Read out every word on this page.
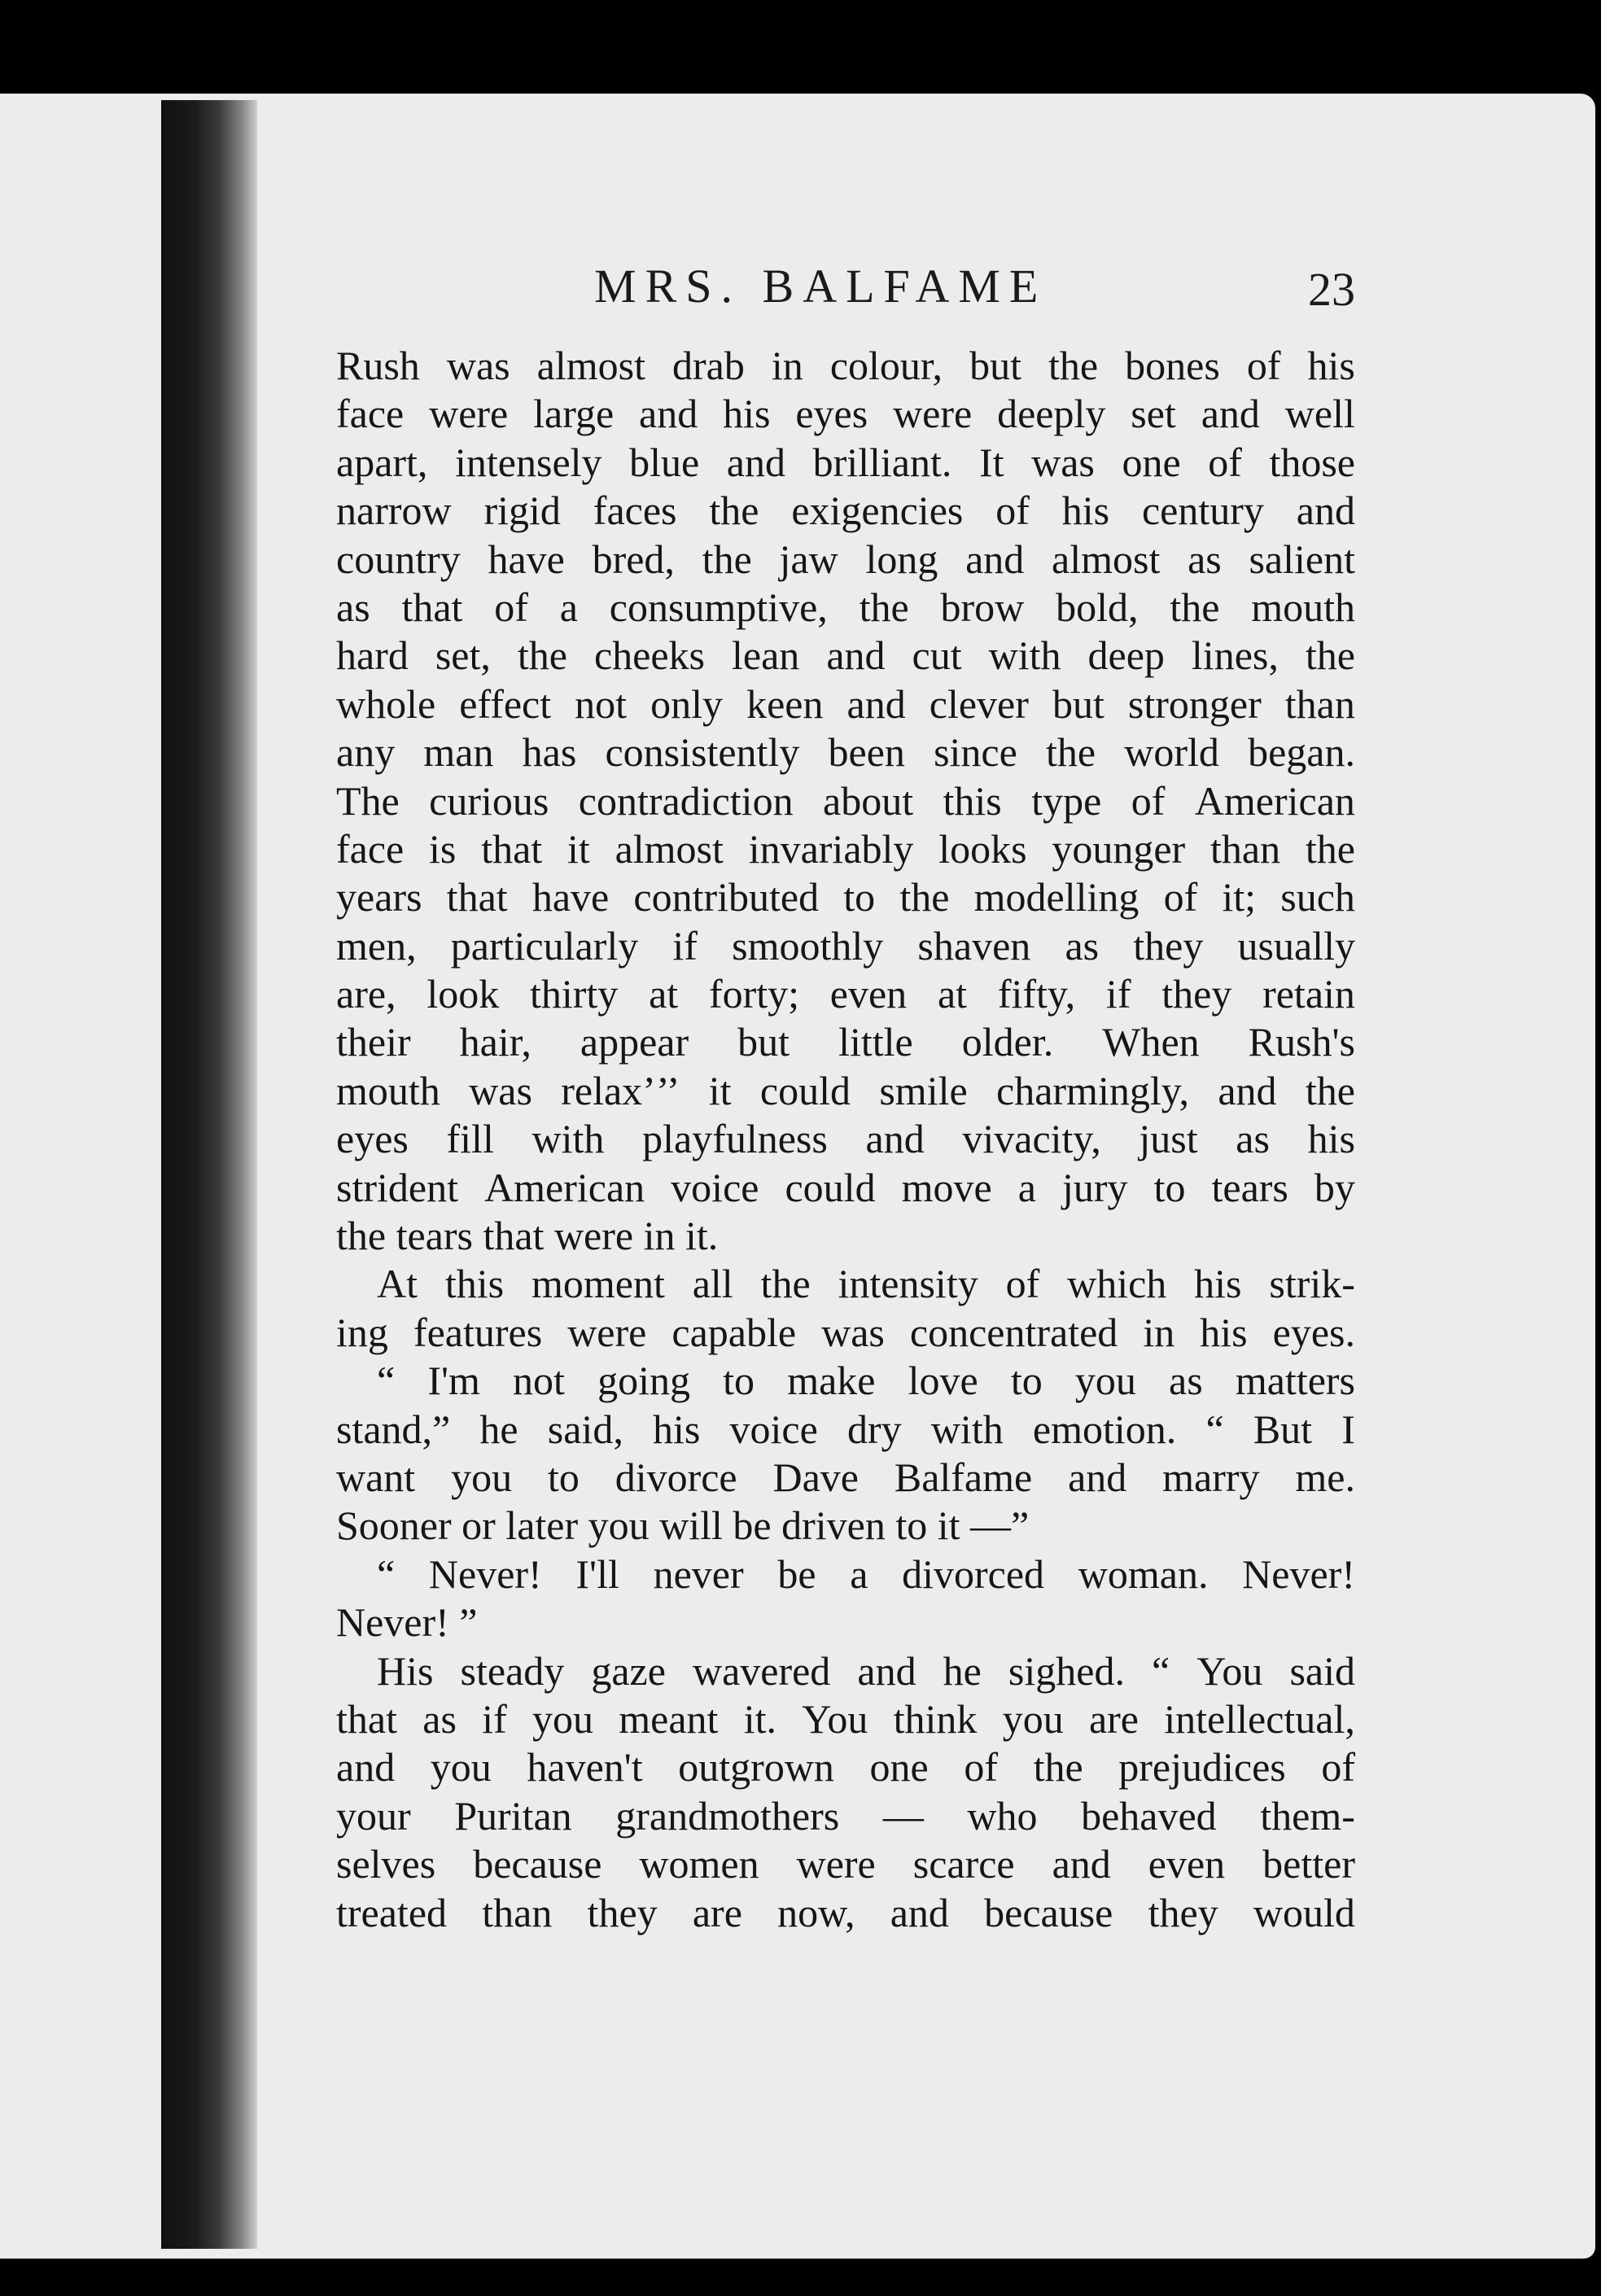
MRS. BALFAME	23
Rush was almost drab in colour, but the bones of his
face were large and his eyes were deeply set and well
apart, intensely blue and brilliant. It waѕ one of those
narrow rigid faces the exigencies of his century and
country have bred, the jaw long and almost as salient
as that of a consumptive, the brow bold, the mouth
hard set, the cheeks lean and cut with deep lines, the
whole effect not only keen and clever but stronger than
any man has consistently been since the world began.
The curious contradiction about this type of American
face is that it almost invariably looks younger than the
years that have contributed to the modelling of it; such
men, particularly if smoothly shaven as they usually
are, look thirty at forty; even at fifty, if they retain
their hair, appear but little older. When Rush's
mouth was relaxʼ’’ it could smile charmingly, and the
eyes fill with playfulness and vivacity, just as his
strident American voice could move a jury to tears by
the tears that were in it.
At this moment all the intensity of which his strik-
ing features were capable was concentrated in his eyes.
“ I'm not going to make love to you as matters
stand,” he said, his voice dry with emotion. “ But I
want you to divorce Dave Balfame and marry me.
Sooner or later you will be driven to it —”
“ Never! I'll never be a divorced woman. Never!
Never! ”
His steady gaze wavered and he sighed. “ You said
that as if you meant it. You think you are intellectual,
and you haven't outgrown one of the prejudices of
your Puritan grandmothers — who behaved them-
selves because women were scarce and even better
treated than they are now, and because they would
